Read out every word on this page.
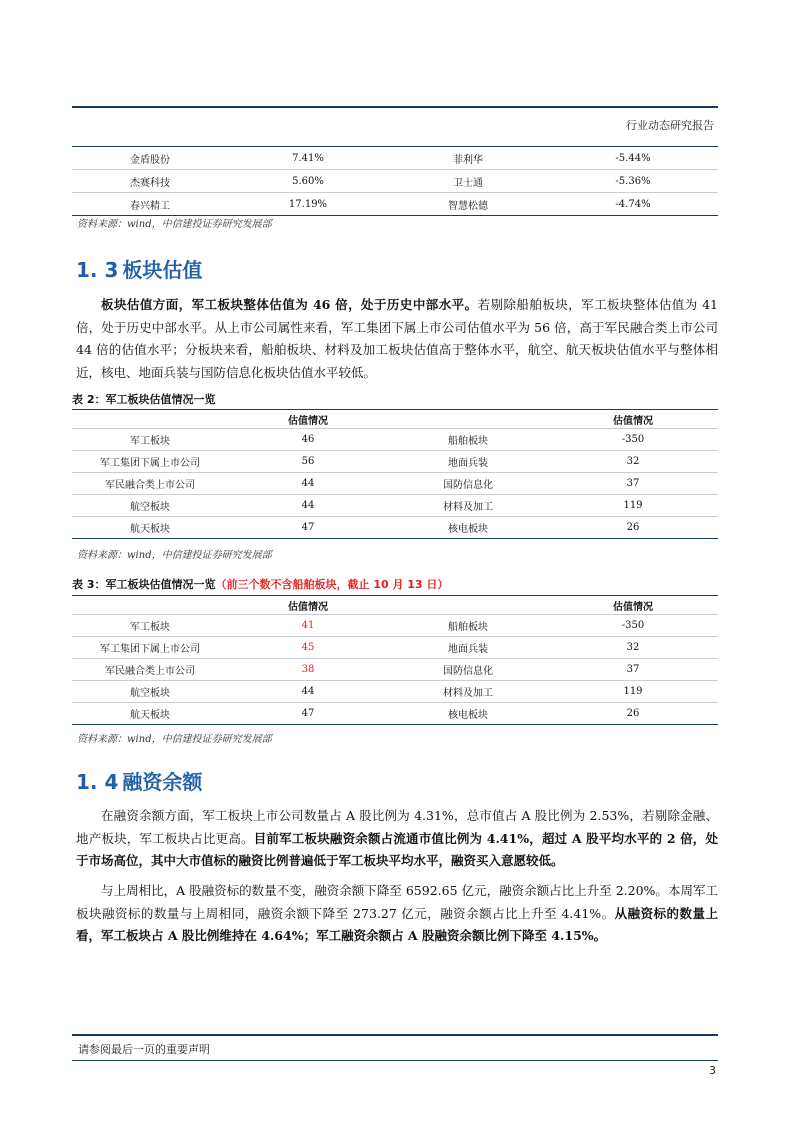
行业动态研究报告
金盾股份	7.41%	菲利华	-5.44%
杰赛科技	5.60%	卫士通	-5.36%
春兴精工	17.19%	智慧松德	-4.74%
资料来源：wind，中信建投证券研究发展部
1. 3 板块估值
板块估值方面，军工板块整体估值为 46 倍，处于历史中部水平。若剔除船舶板块，军工板块整体估值为 41 倍，处于历史中部水平。从上市公司属性来看，军工集团下属上市公司估值水平为 56 倍，高于军民融合类上市公司 44 倍的估值水平；分板块来看，船舶板块、材料及加工板块估值高于整体水平，航空、航天板块估值水平与整体相近，核电、地面兵装与国防信息化板块估值水平较低。
表 2：军工板块估值情况一览
	估值情况		估值情况
军工板块	46	船舶板块	-350
军工集团下属上市公司	56	地面兵装	32
军民融合类上市公司	44	国防信息化	37
航空板块	44	材料及加工	119
航天板块	47	核电板块	26
资料来源：wind，中信建投证券研究发展部
表 3：军工板块估值情况一览（前三个数不含船舶板块，截止 10 月 13 日）
	估值情况		估值情况
军工板块	41	船舶板块	-350
军工集团下属上市公司	45	地面兵装	32
军民融合类上市公司	38	国防信息化	37
航空板块	44	材料及加工	119
航天板块	47	核电板块	26
资料来源：wind，中信建投证券研究发展部
1. 4 融资余额
在融资余额方面，军工板块上市公司数量占 A 股比例为 4.31%，总市值占 A 股比例为 2.53%，若剔除金融、地产板块，军工板块占比更高。目前军工板块融资余额占流通市值比例为 4.41%，超过 A 股平均水平的 2 倍，处于市场高位，其中大市值标的融资比例普遍低于军工板块平均水平，融资买入意愿较低。
与上周相比，A 股融资标的数量不变，融资余额下降至 6592.65 亿元，融资余额占比上升至 2.20%。本周军工板块融资标的数量与上周相同，融资余额下降至 273.27 亿元，融资余额占比上升至 4.41%。从融资标的数量上看，军工板块占 A 股比例维持在 4.64%；军工融资余额占 A 股融资余额比例下降至 4.15%。
请参阅最后一页的重要声明
3
